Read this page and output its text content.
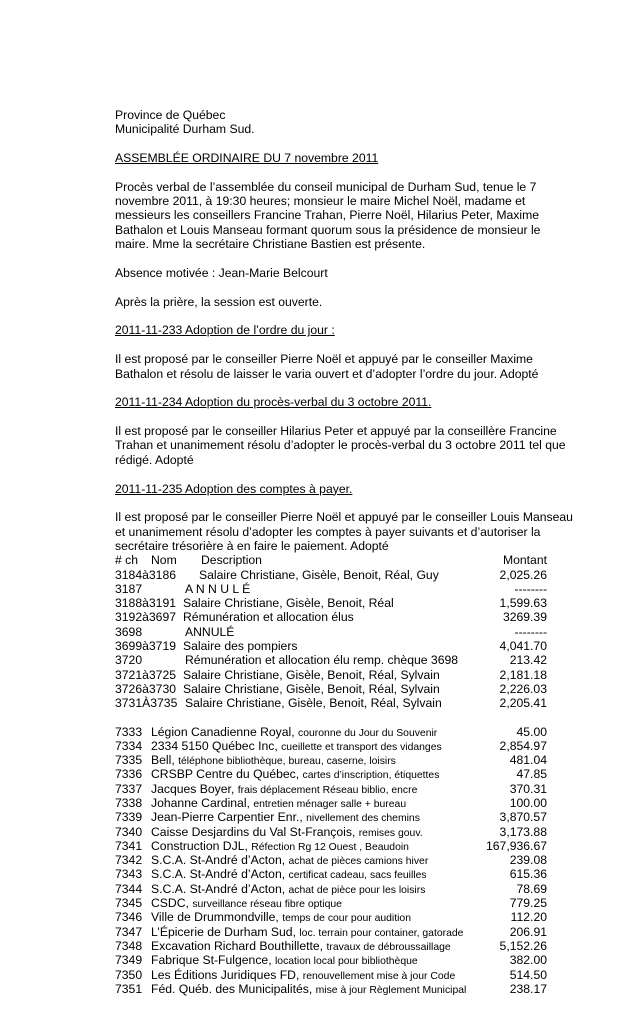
Province de Québec
Municipalité Durham Sud.
ASSEMBLÉE ORDINAIRE DU 7 novembre 2011
Procès verbal de l’assemblée du conseil municipal de Durham Sud, tenue le 7
novembre 2011, à 19:30 heures; monsieur le maire Michel Noël, madame et
messieurs les conseillers Francine Trahan, Pierre Noël, Hilarius Peter, Maxime
Bathalon et Louis Manseau formant quorum sous la présidence de monsieur le
maire. Mme la secrétaire Christiane Bastien est présente.
Absence motivée : Jean-Marie Belcourt
Après la prière, la session est ouverte.
2011-11-233 Adoption de l’ordre du jour :
Il est proposé par le conseiller Pierre Noël et appuyé par le conseiller Maxime
Bathalon et résolu de laisser le varia ouvert et d’adopter l’ordre du jour. Adopté
2011-11-234 Adoption du procès-verbal du 3 octobre 2011.
Il est proposé par le conseiller Hilarius Peter et appuyé par la conseillère Francine
Trahan et unanimement résolu d’adopter le procès-verbal du 3 octobre 2011 tel que
rédigé. Adopté
2011-11-235 Adoption des comptes à payer.
Il est proposé par le conseiller Pierre Noël et appuyé par le conseiller Louis Manseau
et unanimement résolu d’adopter les comptes à payer suivants et d’autoriser la
secrétaire trésorière à en faire le paiement. Adopté
# ch Nom Description	Montant
3184à3186 Salaire Christiane, Gisèle, Benoit, Réal, Guy	2,025.26
3187	A N N U L É	--------
3188à3191 Salaire Christiane, Gisèle, Benoit, Réal	1,599.63
3192à3697 Rémunération et allocation élus	3269.39
3698	ANNULÉ	--------
3699à3719 Salaire des pompiers	4,041.70
3720	Rémunération et allocation élu remp. chèque 3698	213.42
3721à3725 Salaire Christiane, Gisèle, Benoit, Réal, Sylvain	2,181.18
3726à3730 Salaire Christiane, Gisèle, Benoit, Réal, Sylvain	2,226.03
3731À3735 Salaire Christiane, Gisèle, Benoit, Réal, Sylvain	2,205.41
7333 Légion Canadienne Royal, couronne du Jour du Souvenir	45.00
7334 2334 5150 Québec Inc, cueillette et transport des vidanges	2,854.97
7335 Bell, téléphone bibliothèque, bureau, caserne, loisirs	481.04
7336 CRSBP Centre du Québec, cartes d’inscription, étiquettes	47.85
7337 Jacques Boyer, frais déplacement Réseau biblio, encre	370.31
7338 Johanne Cardinal, entretien ménager salle + bureau	100.00
7339 Jean-Pierre Carpentier Enr., nivellement des chemins	3,870.57
7340 Caisse Desjardins du Val St-François, remises gouv.	3,173.88
7341 Construction DJL, Réfection Rg 12 Ouest , Beaudoin	167,936.67
7342 S.C.A. St-André d’Acton, achat de pièces camions hiver	239.08
7343 S.C.A. St-André d’Acton, certificat cadeau, sacs feuilles	615.36
7344 S.C.A. St-André d’Acton, achat de pièce pour les loisirs	78.69
7345 CSDC, surveillance réseau fibre optique	779.25
7346 Ville de Drummondville, temps de cour pour audition	112.20
7347 L’Épicerie de Durham Sud, loc. terrain pour container, gatorade	206.91
7348 Excavation Richard Bouthillette, travaux de débroussaillage	5,152.26
7349 Fabrique St-Fulgence, location local pour bibliothèque	382.00
7350 Les Éditions Juridiques FD, renouvellement mise à jour Code	514.50
7351 Féd. Québ. des Municipalités, mise à jour Règlement Municipal	238.17
